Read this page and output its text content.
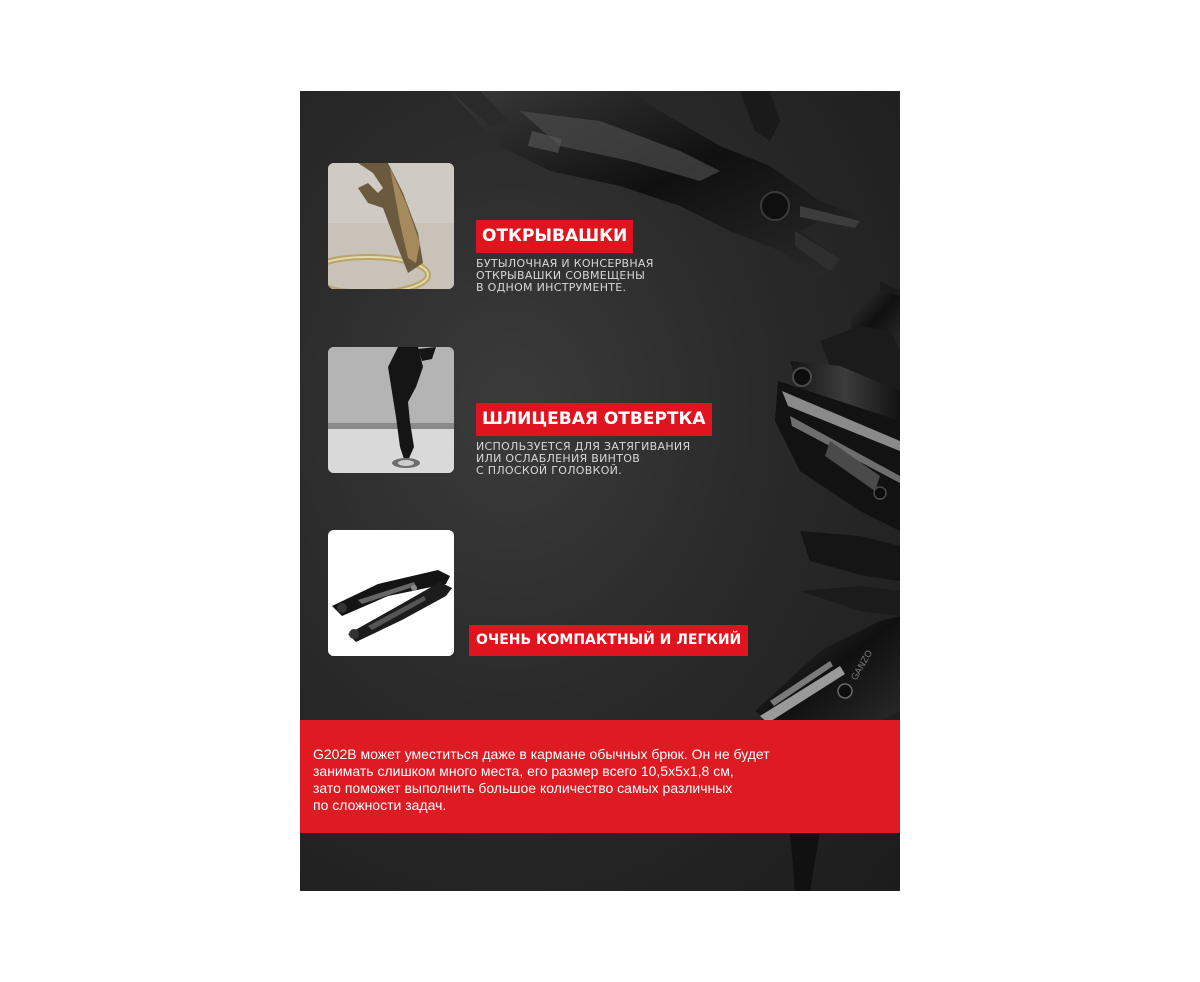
GANZO
ОТКРЫВАШКИ
БУТЫЛОЧНАЯ И КОНСЕРВНАЯ
ОТКРЫВАШКИ СОВМЕЩЕНЫ
В ОДНОМ ИНСТРУМЕНТЕ.
ШЛИЦЕВАЯ ОТВЕРТКА
ИСПОЛЬЗУЕТСЯ ДЛЯ ЗАТЯГИВАНИЯ
ИЛИ ОСЛАБЛЕНИЯ ВИНТОВ
С ПЛОСКОЙ ГОЛОВКОЙ.
ОЧЕНЬ КОМПАКТНЫЙ И ЛЕГКИЙ
G202B может уместиться даже в кармане обычных брюк. Он не будет
занимать слишком много места, его размер всего 10,5х5х1,8 см,
зато поможет выполнить большое количество самых различных
по сложности задач.
